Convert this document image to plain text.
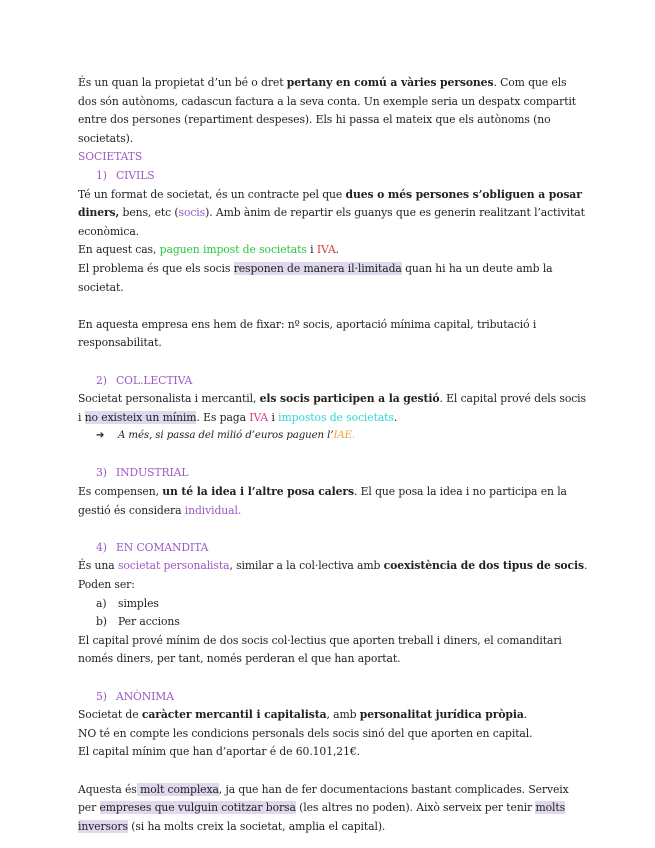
És un quan la propietat d’un bé o dret pertany en comú a vàries persones. Com que els dos són autònoms, cadascun factura a la seva conta. Un exemple seria un despatx compartit entre dos persones (repartiment despeses). Els hi passa el mateix que els autònoms (no societats).

SOCIETATS

1) CIVILS

Té un format de societat, és un contracte pel que dues o més persones s’obliguen a posar diners, bens, etc (socis). Amb ànim de repartir els guanys que es generin realitzant l’activitat econòmica.

En aquest cas, paguen impost de societats i IVA.

El problema és que els socis responen de manera il·limitada quan hi ha un deute amb la societat.

En aquesta empresa ens hem de fixar: nº socis, aportació mínima capital, tributació i responsabilitat.

2) COL.LECTIVA

Societat personalista i mercantil, els socis participen a la gestió. El capital prové dels socis i no existeix un mínim. Es paga IVA i impostos de societats.

➔ A més, si passa del milió d’euros paguen l’IAE.

3) INDUSTRIAL

Es compensen, un té la idea i l’altre posa calers. El que posa la idea i no participa en la gestió és considera individual.

4) EN COMANDITA

És una societat personalista, similar a la col·lectiva amb coexistència de dos tipus de socis. Poden ser:

a) simples

b) Per accions

El capital prové mínim de dos socis col·lectius que aporten treball i diners, el comanditari només diners, per tant, només perderan el que han aportat.

5) ANÒNIMA

Societat de caràcter mercantil i capitalista, amb personalitat jurídica pròpia.

NO té en compte les condicions personals dels socis sinó del que aporten en capital.

El capital mínim que han d’aportar é de 60.101,21€.

Aquesta és molt complexa, ja que han de fer documentacions bastant complicades. Serveix per empreses que vulguin cotitzar borsa (les altres no poden). Això serveix per tenir molts inversors (si ha molts creix la societat, amplia el capital).
